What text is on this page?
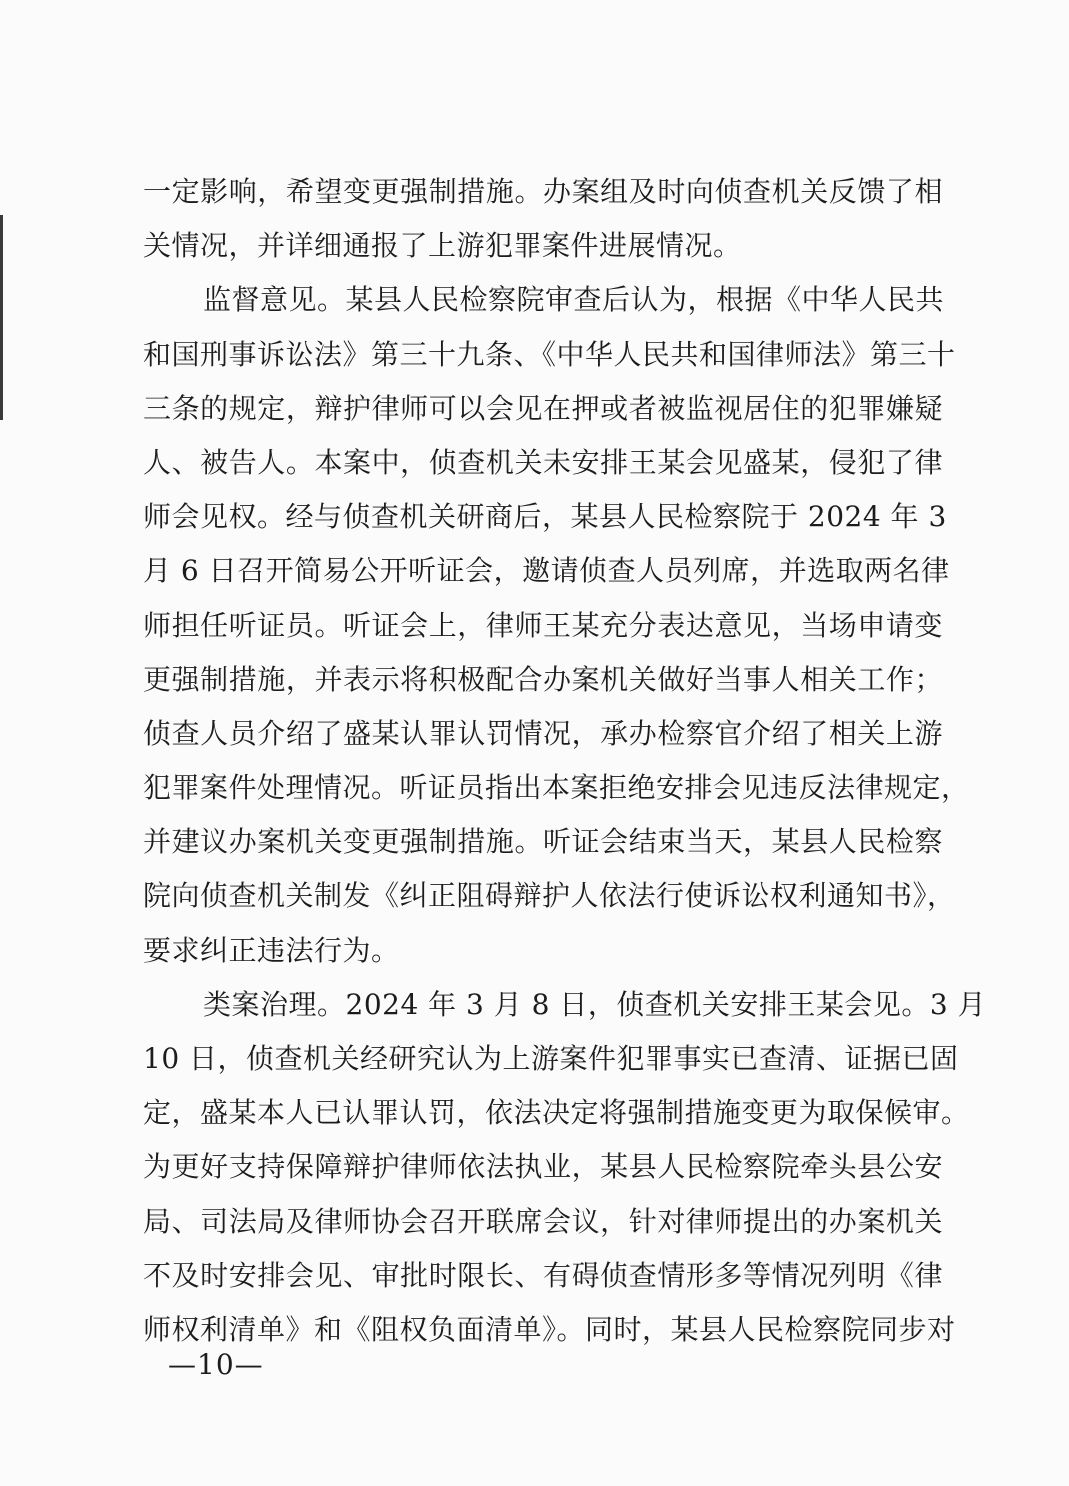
一定影响，希望变更强制措施。办案组及时向侦查机关反馈了相
关情况，并详细通报了上游犯罪案件进展情况。
监督意见。某县人民检察院审查后认为，根据《中华人民共
和国刑事诉讼法》第三十九条、《中华人民共和国律师法》第三十
三条的规定，辩护律师可以会见在押或者被监视居住的犯罪嫌疑
人、被告人。本案中，侦查机关未安排王某会见盛某，侵犯了律
师会见权。经与侦查机关研商后，某县人民检察院于 2024 年 3
月 6 日召开简易公开听证会，邀请侦查人员列席，并选取两名律
师担任听证员。听证会上，律师王某充分表达意见，当场申请变
更强制措施，并表示将积极配合办案机关做好当事人相关工作；
侦查人员介绍了盛某认罪认罚情况，承办检察官介绍了相关上游
犯罪案件处理情况。听证员指出本案拒绝安排会见违反法律规定，
并建议办案机关变更强制措施。听证会结束当天，某县人民检察
院向侦查机关制发《纠正阻碍辩护人依法行使诉讼权利通知书》，
要求纠正违法行为。
类案治理。2024 年 3 月 8 日，侦查机关安排王某会见。3 月
10 日，侦查机关经研究认为上游案件犯罪事实已查清、证据已固
定，盛某本人已认罪认罚，依法决定将强制措施变更为取保候审。
为更好支持保障辩护律师依法执业，某县人民检察院牵头县公安
局、司法局及律师协会召开联席会议，针对律师提出的办案机关
不及时安排会见、审批时限长、有碍侦查情形多等情况列明《律
师权利清单》和《阻权负面清单》。同时，某县人民检察院同步对
—10—
